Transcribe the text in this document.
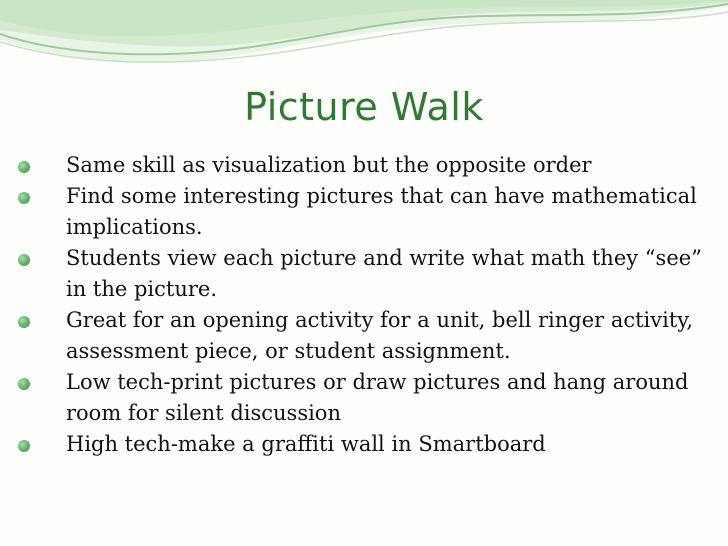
Picture Walk
Same skill as visualization but the opposite order
Find some interesting pictures that can have mathematical implications.
Students view each picture and write what math they “see” in the picture.
Great for an opening activity for a unit, bell ringer activity, assessment piece, or student assignment.
Low tech-print pictures or draw pictures and hang around room for silent discussion
High tech-make a graffiti wall in Smartboard
